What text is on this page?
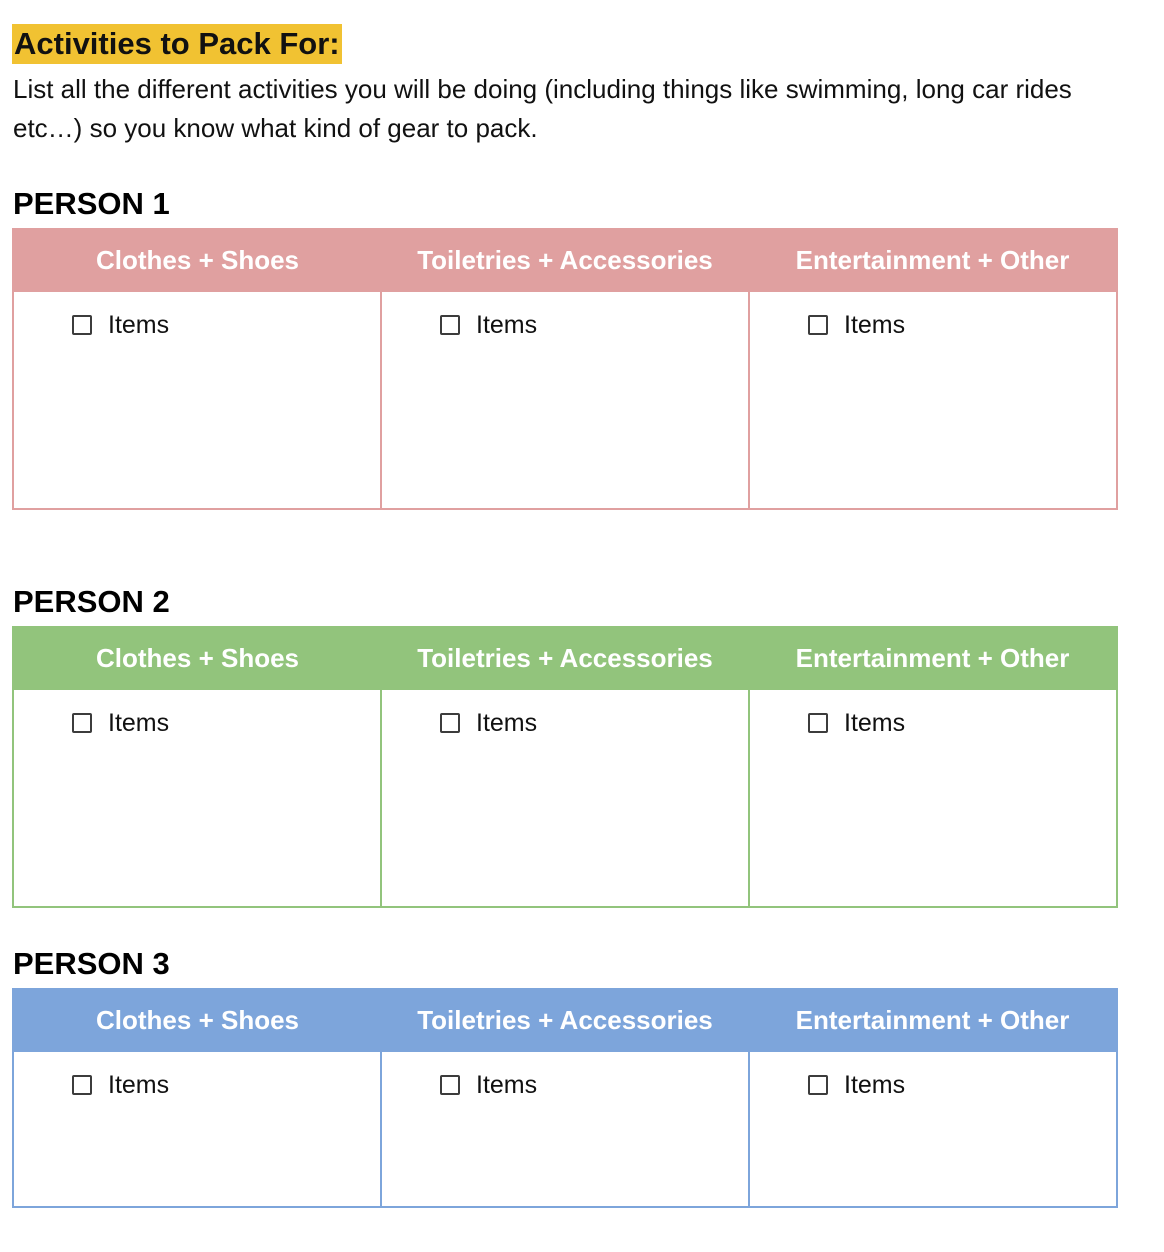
Activities to Pack For:
List all the different activities you will be doing (including things like swimming, long car rides etc…) so you know what kind of gear to pack.
PERSON 1
Clothes + Shoes	Toiletries + Accessories	Entertainment + Other

Items	Items	Items
PERSON 2
Clothes + Shoes	Toiletries + Accessories	Entertainment + Other

Items	Items	Items
PERSON 3
Clothes + Shoes	Toiletries + Accessories	Entertainment + Other

Items	Items	Items
